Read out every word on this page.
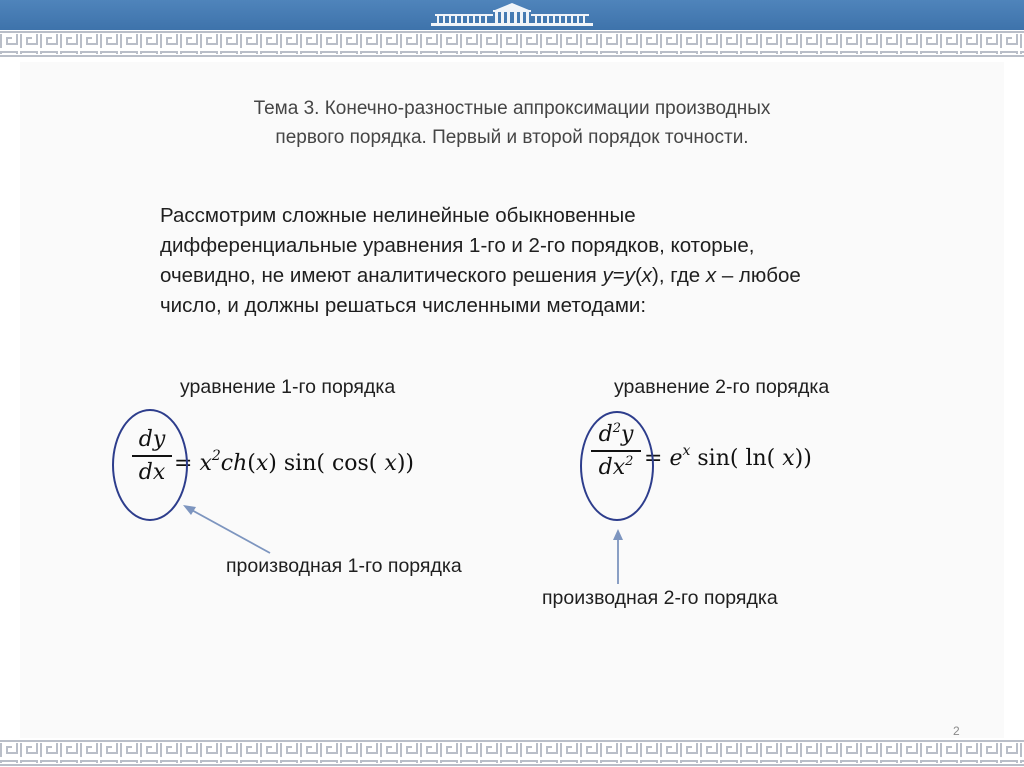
Тема 3. Конечно-разностные аппроксимации производных
первого порядка. Первый и второй порядок точности.
Рассмотрим сложные нелинейные обыкновенные
дифференциальные уравнения 1-го и 2-го порядков, которые,
очевидно, не имеют аналитического решения y=y(x), где x – любое
число, и должны решаться численными методами:
уравнение 1-го порядка
dy
dx = $x^2ch(x)$ sin( cos( x))
производная 1-го порядка
уравнение 2-го порядка
$d^2y$
$dx^2 = e^x$ sin( ln( x))
производная 2-го порядка
2
